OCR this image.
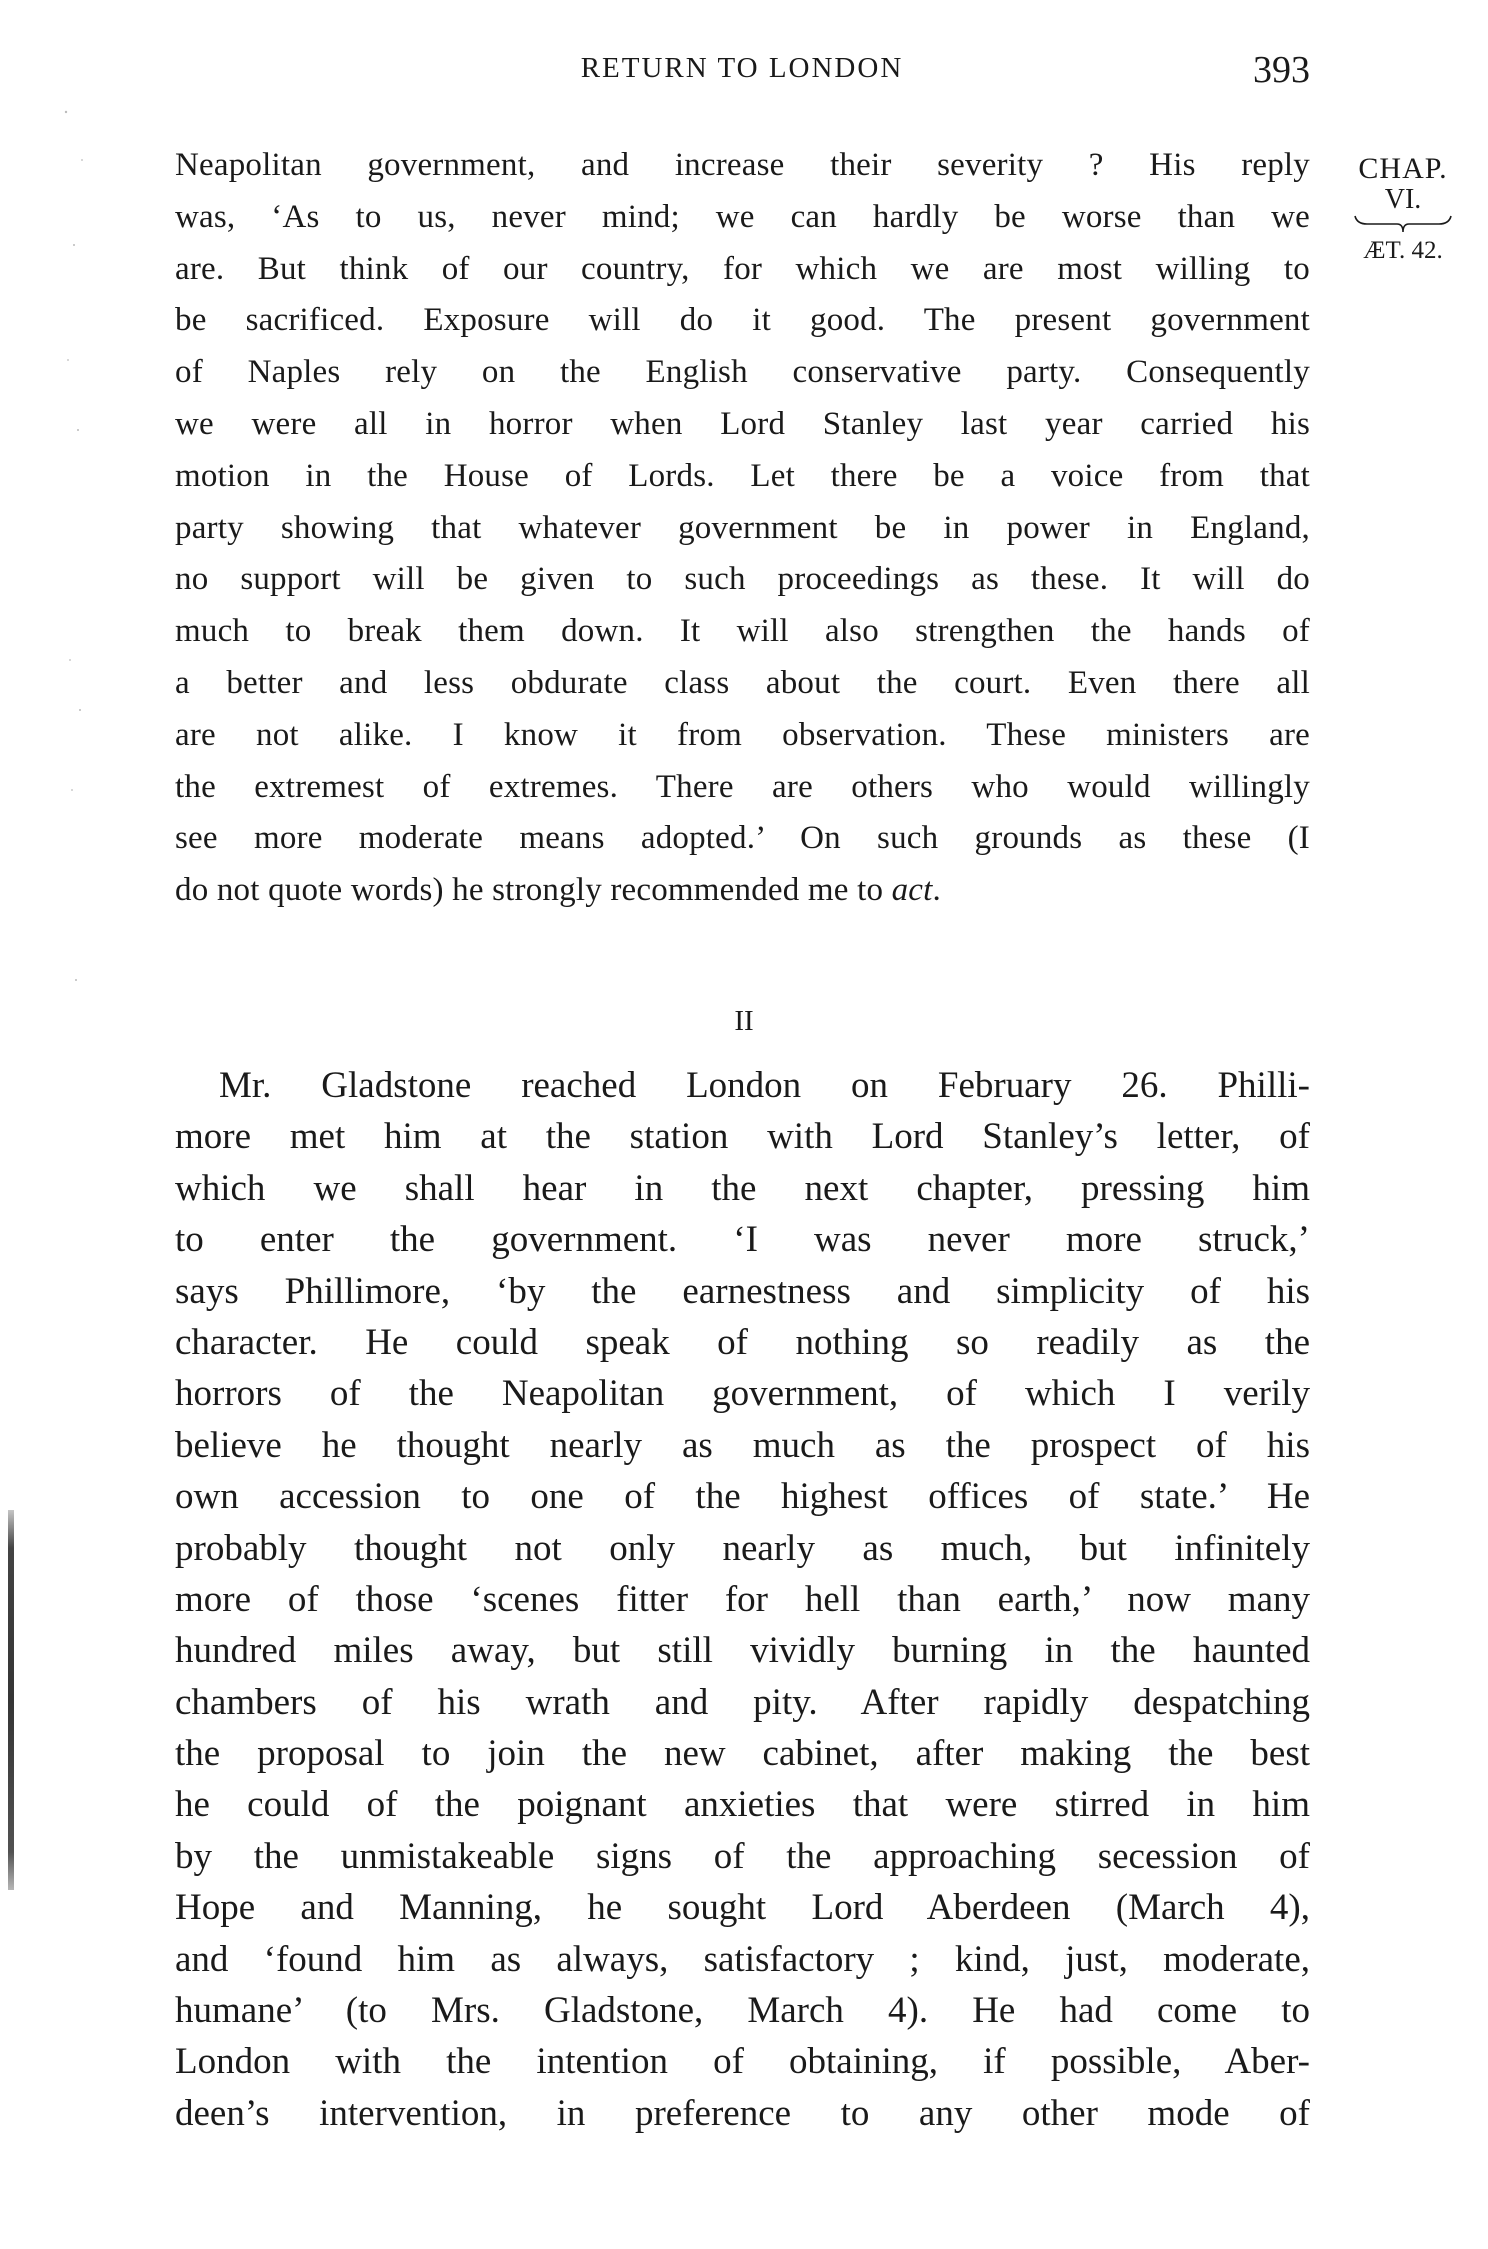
RETURN TO LONDON	393
CHAP.
VI.
ÆT. 42.
Neapolitan government, and increase their severity ? His reply
was, ‘As to us, never mind; we can hardly be worse than we
are. But think of our country, for which we are most willing to
be sacrificed. Exposure will do it good. The present government
of Naples rely on the English conservative party. Consequently
we were all in horror when Lord Stanley last year carried his
motion in the House of Lords. Let there be a voice from that
party showing that whatever government be in power in England,
no support will be given to such proceedings as these. It will do
much to break them down. It will also strengthen the hands of
a better and less obdurate class about the court. Even there all
are not alike. I know it from observation. These ministers are
the extremest of extremes. There are others who would willingly
see more moderate means adopted.’ On such grounds as these (I
do not quote words) he strongly recommended me to act.
II
Mr. Gladstone reached London on February 26. Philli-
more met him at the station with Lord Stanley’s letter, of
which we shall hear in the next chapter, pressing him
to enter the government. ‘I was never more struck,’
says Phillimore, ‘by the earnestness and simplicity of his
character. He could speak of nothing so readily as the
horrors of the Neapolitan government, of which I verily
believe he thought nearly as much as the prospect of his
own accession to one of the highest offices of state.’ He
probably thought not only nearly as much, but infinitely
more of those ‘scenes fitter for hell than earth,’ now many
hundred miles away, but still vividly burning in the haunted
chambers of his wrath and pity. After rapidly despatching
the proposal to join the new cabinet, after making the best
he could of the poignant anxieties that were stirred in him
by the unmistakeable signs of the approaching secession of
Hope and Manning, he sought Lord Aberdeen (March 4),
and ‘found him as always, satisfactory ; kind, just, moderate,
humane’ (to Mrs. Gladstone, March 4). He had come to
London with the intention of obtaining, if possible, Aber-
deen’s intervention, in preference to any other mode of
